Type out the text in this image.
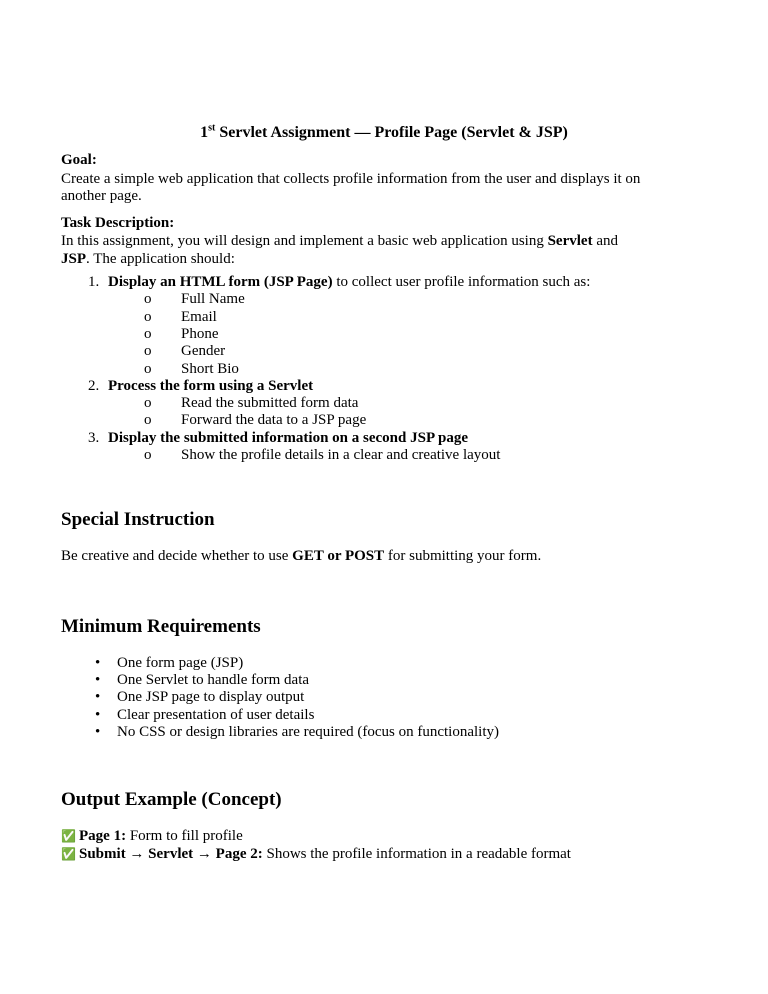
1st Servlet Assignment — Profile Page (Servlet & JSP)
Goal:
Create a simple web application that collects profile information from the user and displays it on
another page.
Task Description:
In this assignment, you will design and implement a basic web application using Servlet and
JSP. The application should:
Special Instruction
Be creative and decide whether to use GET or POST for submitting your form.
Minimum Requirements
Output Example (Concept)
1. Display an HTML form (JSP Page) to collect user profile information such as:
o Full Name
o Email
o Phone
o Gender
o Short Bio
2. Process the form using a Servlet
o Read the submitted form data
o Forward the data to a JSP page
3. Display the submitted information on a second JSP page
o Show the profile details in a clear and creative layout
• One form page (JSP)
• One Servlet to handle form data
• One JSP page to display output
• Clear presentation of user details
• No CSS or design libraries are required (focus on functionality)
✅ Page 1: Form to fill profile
✅ Submit → Servlet → Page 2: Shows the profile information in a readable format
